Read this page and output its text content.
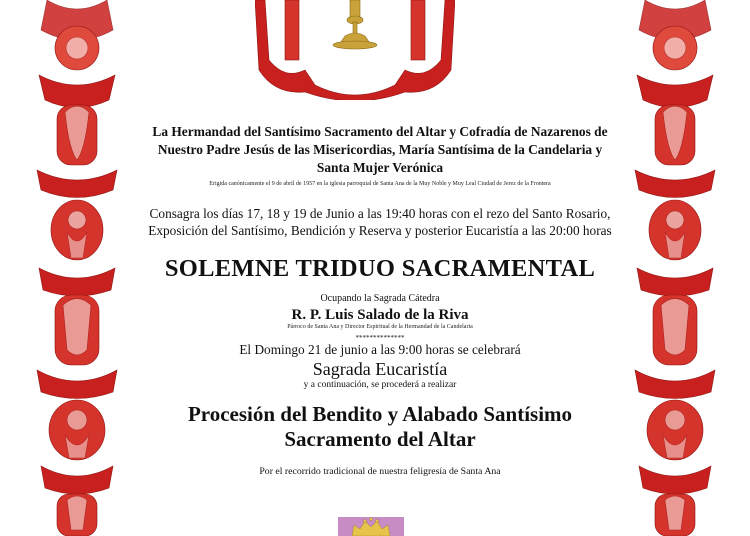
La Hermandad del Santísimo Sacramento del Altar y Cofradía de Nazarenos de

Nuestro Padre Jesús de las Misericordias, María Santísima de la Candelaria y

Santa Mujer Verónica

Erigida canónicamente el 9 de abril de 1957 en la iglesia parroquial de Santa Ana de la Muy Noble y Muy Leal Ciudad de Jerez de la Frontera
Consagra los días 17, 18 y 19 de Junio a las 19:40 horas con el rezo del Santo Rosario,
Exposición del Santísimo, Bendición y Reserva y posterior Eucaristía a las 20:00 horas
SOLEMNE TRIDUO SACRAMENTAL
Ocupando la Sagrada Cátedra
R. P. Luis Salado de la Riva
Párroco de Santa Ana y Director Espiritual de la Hermandad de la Candelaria
**************
El Domingo 21 de junio a las 9:00 horas se celebrará
Sagrada Eucaristía
y a continuación, se procederá a realizar
Procesión del Bendito y Alabado Santísimo
Sacramento del Altar
Por el recorrido tradicional de nuestra feligresía de Santa Ana
